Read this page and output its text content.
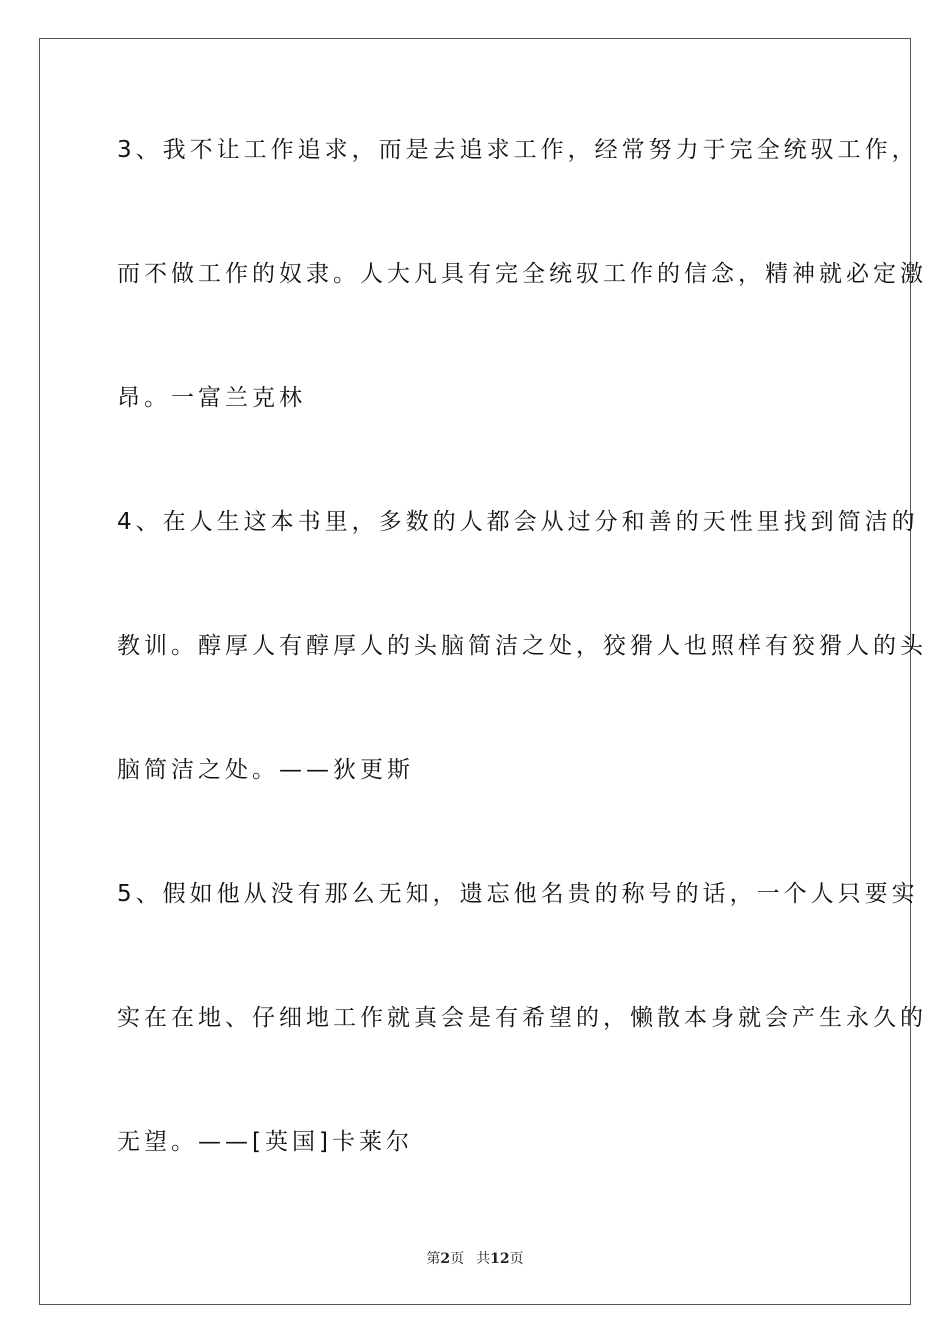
3、我不让工作追求，而是去追求工作，经常努力于完全统驭工作，
而不做工作的奴隶。人大凡具有完全统驭工作的信念，精神就必定激
昂。一富兰克林
4、在人生这本书里，多数的人都会从过分和善的天性里找到简洁的
教训。醇厚人有醇厚人的头脑简洁之处，狡猾人也照样有狡猾人的头
脑简洁之处。——狄更斯
5、假如他从没有那么无知，遗忘他名贵的称号的话，一个人只要实
实在在地、仔细地工作就真会是有希望的，懒散本身就会产生永久的
无望。——[英国]卡莱尔
第2页 共12页
